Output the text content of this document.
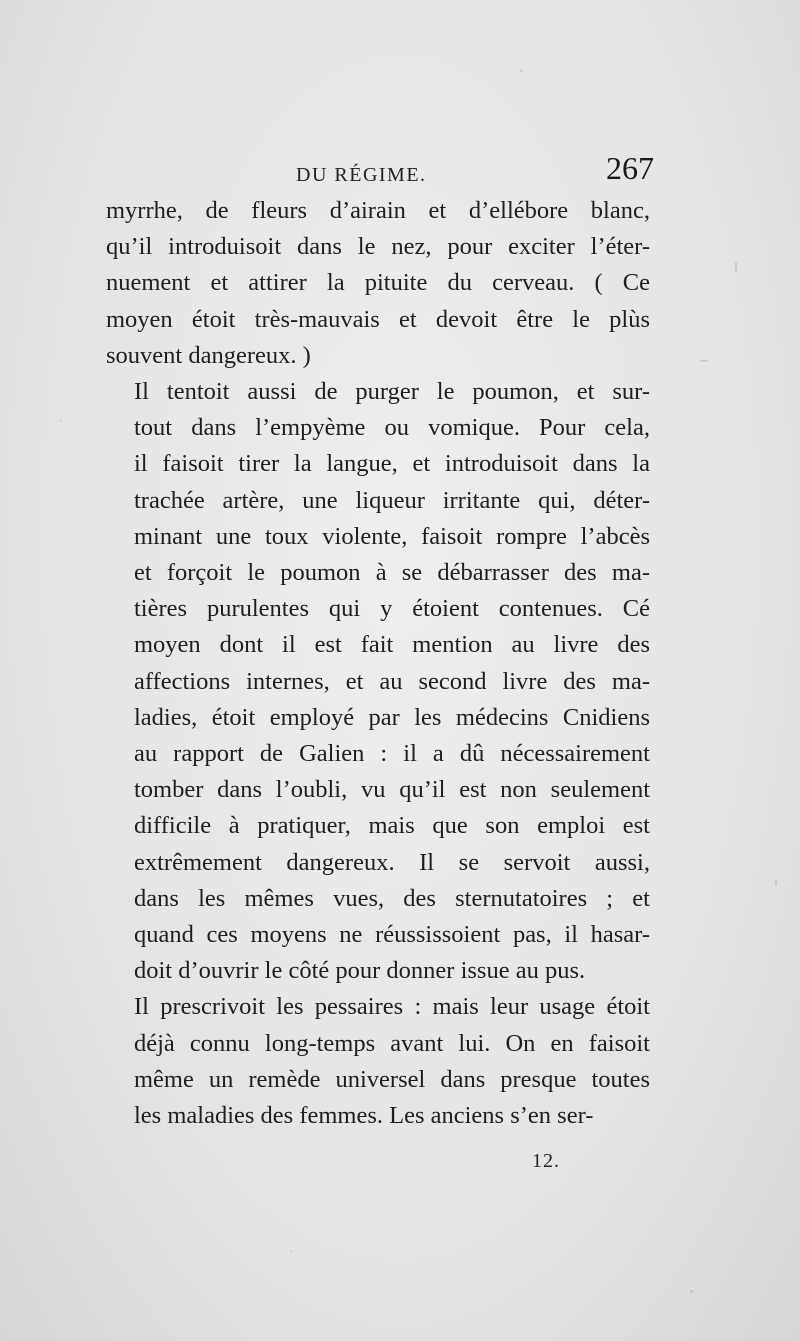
DU RÉGIME.	267

myrrhe, de fleurs d’airain et d’ellébore blanc,
qu’il introduisoit dans le nez, pour exciter l’éter-
nuement et attirer la pituite du cerveau. ( Ce
moyen étoit très-mauvais et devoit être le plùs
souvent dangereux. )

Il tentoit aussi de purger le poumon, et sur-
tout dans l’empyème ou vomique. Pour cela,
il faisoit tirer la langue, et introduisoit dans la
trachée artère, une liqueur irritante qui, déter-
minant une toux violente, faisoit rompre l’abcès
et forçoit le poumon à se débarrasser des ma-
tières purulentes qui y étoient contenues. Cé
moyen dont il est fait mention au livre des
affections internes, et au second livre des ma-
ladies, étoit employé par les médecins Cnidiens
au rapport de Galien : il a dû nécessairement
tomber dans l’oubli, vu qu’il est non seulement
difficile à pratiquer, mais que son emploi est
extrêmement dangereux. Il se servoit aussi,
dans les mêmes vues, des sternutatoires ; et
quand ces moyens ne réussissoient pas, il hasar-
doit d’ouvrir le côté pour donner issue au pus.

Il prescrivoit les pessaires : mais leur usage étoit
déjà connu long-temps avant lui. On en faisoit
même un remède universel dans presque toutes
les maladies des femmes. Les anciens s’en ser-

12.
